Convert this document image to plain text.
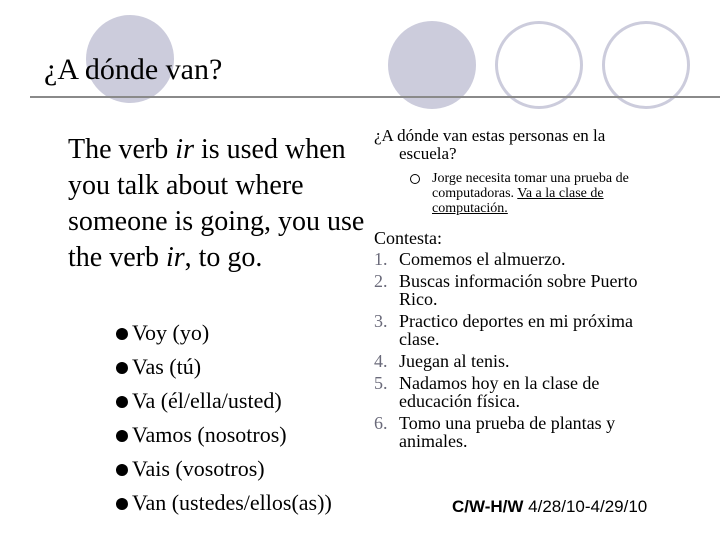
¿A dónde van?
The verb ir is used when you talk about where someone is going, you use the verb ir, to go.
Voy (yo)
Vas (tú)
Va (él/ella/usted)
Vamos (nosotros)
Vais (vosotros)
Van (ustedes/ellos(as))
¿A dónde van estas personas en la
escuela?
Jorge necesita tomar una prueba de computadoras. Va a la clase de computación.
Contesta:
1. Comemos el almuerzo.
2. Buscas información sobre Puerto Rico.
3. Practico deportes en mi próxima clase.
4. Juegan al tenis.
5. Nadamos hoy en la clase de educación física.
6. Tomo una prueba de plantas y animales.
C/W-H/W 4/28/10-4/29/10
